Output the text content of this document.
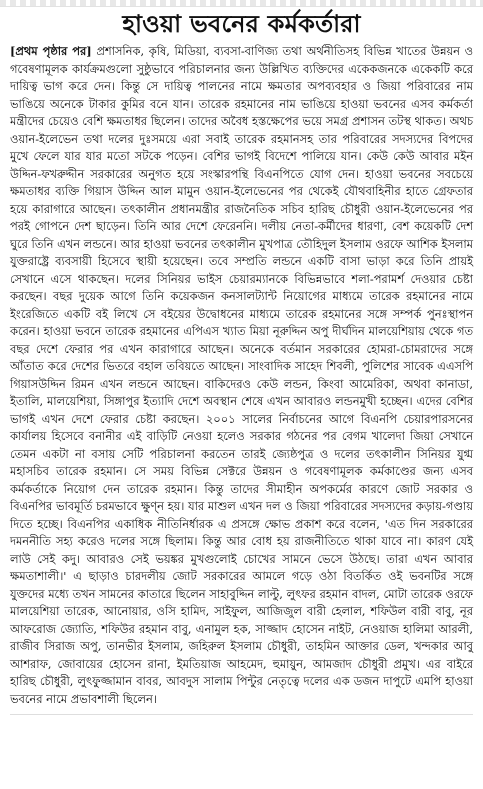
হাওয়া ভবনের কর্মকর্তারা
[প্রথম পৃষ্ঠার পর] প্রশাসনিক, কৃষি, মিডিয়া, ব্যবসা-বাণিজ্য তথা অর্থনীতিসহ বিভিন্ন খাতের উন্নয়ন ও গবেষণামূলক কার্যক্রমগুলো সুষ্ঠুভাবে পরিচালনার জন্য উল্লিখিত ব্যক্তিদের একেকজনকে একেকটি করে দায়িত্ব ভাগ করে দেন। কিন্তু সে দায়িত্ব পালনের নামে ক্ষমতার অপব্যবহার ও জিয়া পরিবারের নাম ভাঙিয়ে অনেকে টাকার কুমির বনে যান। তারেক রহমানের নাম ভাঙিয়ে হাওয়া ভবনের এসব কর্মকর্তা মন্ত্রীদের চেয়েও বেশি ক্ষমতাধর ছিলেন। তাদের অবৈধ হস্তক্ষেপের ভয়ে সমগ্র প্রশাসন তটস্থ থাকত। অথচ ওয়ান-ইলেভেন তথা দলের দুঃসময়ে এরা সবাই তারেক রহমানসহ তার পরিবারের সদস্যদের বিপদের মুখে ফেলে যার যার মতো সটকে পড়েন। বেশির ভাগই বিদেশে পালিয়ে যান। কেউ কেউ আবার মইন উদ্দিন-ফখরুদ্দীন সরকারের অনুগত হয়ে সংস্কারপন্থি বিএনপিতে যোগ দেন। হাওয়া ভবনের সবচেয়ে ক্ষমতাধর ব্যক্তি গিয়াস উদ্দিন আল মামুন ওয়ান-ইলেভেনের পর থেকেই যৌথবাহিনীর হাতে গ্রেফতার হয়ে কারাগারে আছেন। তৎকালীন প্রধানমন্ত্রীর রাজনৈতিক সচিব হারিছ চৌধুরী ওয়ান-ইলেভেনের পর পরই গোপনে দেশ ছাড়েন। তিনি আর দেশে ফেরেননি। দলীয় নেতা-কর্মীদের ধারণা, বেশ কয়েকটি দেশ ঘুরে তিনি এখন লন্ডনে। আর হাওয়া ভবনের তৎকালীন মুখপাত্র তৌহিদুল ইসলাম ওরফে আশিক ইসলাম যুক্তরাষ্ট্রে ব্যবসায়ী হিসেবে স্থায়ী হয়েছেন। তবে সম্প্রতি লন্ডনে একটি বাসা ভাড়া করে তিনি প্রায়ই সেখানে এসে থাকছেন। দলের সিনিয়র ভাইস চেয়ারম্যানকে বিভিন্নভাবে শলা-পরামর্শ দেওয়ার চেষ্টা করছেন। বছর দুয়েক আগে তিনি কয়েকজন কনসালট্যান্ট নিয়োগের মাধ্যমে তারেক রহমানের নামে ইংরেজিতে একটি বই লিখে সে বইয়ের উদ্বোধনের মাধ্যমে তারেক রহমানের সঙ্গে সম্পর্ক পুনঃস্থাপন করেন। হাওয়া ভবনে তারেক রহমানের এপিএস খ্যাত মিয়া নূরুদ্দিন অপু দীর্ঘদিন মালয়েশিয়ায় থেকে গত বছর দেশে ফেরার পর এখন কারাগারে আছেন। অনেকে বর্তমান সরকারের হোমরা-চোমরাদের সঙ্গে আঁতাত করে দেশের ভিতরে বহাল তবিয়তে আছেন। সাংবাদিক সাহেদ শিবলী, পুলিশের সাবেক এএসপি গিয়াসউদ্দিন রিমন এখন লন্ডনে আছেন। বাকিদেরও কেউ লন্ডন, কিংবা আমেরিকা, অথবা কানাডা, ইতালি, মালয়েশিয়া, সিঙ্গাপুর ইত্যাদি দেশে অবস্থান শেষে এখন আবারও লন্ডনমুখী হচ্ছেন। এদের বেশির ভাগই এখন দেশে ফেরার চেষ্টা করছেন। ২০০১ সালের নির্বাচনের আগে বিএনপি চেয়ারপারসনের কার্যালয় হিসেবে বনানীর এই বাড়িটি নেওয়া হলেও সরকার গঠনের পর বেগম খালেদা জিয়া সেখানে তেমন একটা না বসায় সেটি পরিচালনা করতেন তারই জ্যেষ্ঠপুত্র ও দলের তৎকালীন সিনিয়র যুগ্ম মহাসচিব তারেক রহমান। সে সময় বিভিন্ন সেক্টরে উন্নয়ন ও গবেষণামূলক কর্মকাণ্ডের জন্য এসব কর্মকর্তাকে নিয়োগ দেন তারেক রহমান। কিন্তু তাদের সীমাহীন অপকর্মের কারণে জোট সরকার ও বিএনপির ভাবমূর্তি চরমভাবে ক্ষুণ্ন হয়। যার মাশুল এখন দল ও জিয়া পরিবারের সদস্যদের কড়ায়-গণ্ডায় দিতে হচ্ছে। বিএনপির একাধিক নীতিনির্ধারক এ প্রসঙ্গে ক্ষোভ প্রকাশ করে বলেন, 'এত দিন সরকারের দমননীতি সহ্য করেও দলের সঙ্গে ছিলাম। কিন্তু আর বোধ হয় রাজনীতিতে থাকা যাবে না। কারণ যেই লাউ সেই কদু। আবারও সেই ভয়ঙ্কর মুখগুলোই চোখের সামনে ভেসে উঠছে। তারা এখন আবার ক্ষমতাশালী।' এ ছাড়াও চারদলীয় জোট সরকারের আমলে গড়ে ওঠা বিতর্কিত ওই ভবনটির সঙ্গে যুক্তদের মধ্যে তখন সামনের কাতারে ছিলেন সাহাবুদ্দিন লাল্টু, লুৎফর রহমান বাদল, মোটা তারেক ওরফে মালয়েশিয়া তারেক, আনোয়ার, ওসি হামিদ, সাইফুল, আজিজুল বারী হেলাল, শফিউল বারী বাবু, নূর আফরোজ জ্যোতি, শফিউর রহমান বাবু, এনামুল হক, সাজ্জাদ হোসেন নাইট, নেওয়াজ হালিমা আরলী, রাজীব সিরাজ অপু, তানভীর ইসলাম, জহিরুল ইসলাম চৌধুরী, তাহমিন আক্তার ডেল, খন্দকার আবু আশরাফ, জোবায়ের হোসেন রানা, ইমতিয়াজ আহমেদ, হুমায়ুন, আমজাদ চৌধুরী প্রমুখ। এর বাইরে হারিছ চৌধুরী, লুৎফুজ্জামান বাবর, আবদুস সালাম পিন্টুর নেতৃত্বে দলের এক ডজন দাপুটে এমপি হাওয়া ভবনের নামে প্রভাবশালী ছিলেন।
